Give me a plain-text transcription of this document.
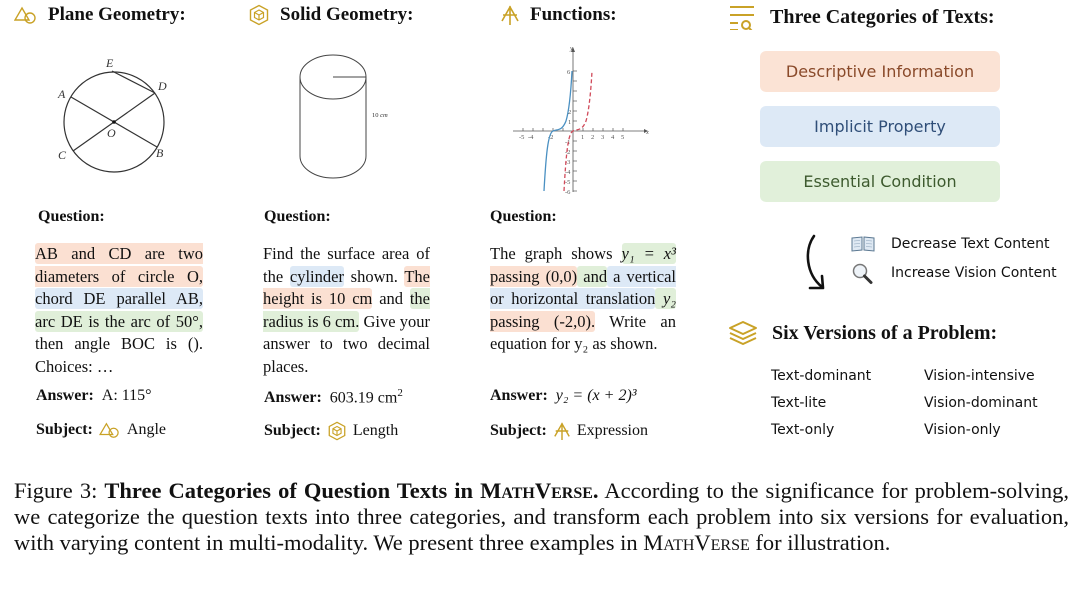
Plane Geometry:
E
D
A
O
C	B
Question:
AB and CD are two diameters of circle O, chord DE parallel AB, arc DE is the arc of 50°, then angle BOC is (). Choices: …
Answer: A: 115°
Subject: Angle
Solid Geometry:
10 cm
Question:
Find the surface area of the cylinder shown. The height is 10 cm and the radius is 6 cm. Give your answer to two decimal places.
Answer: 603.19 $cm^2$
Subject: Length
Functions:
-5 -4 -2	1 2 3 4 5
6
2
1
-1
-2
-3
-4
-5
-6
x
y
Question:
The graph shows y₁ = x³ passing (0,0) and a vertical or horizontal translation y₂ passing (-2,0). Write an equation for y₂ as shown.
Answer: y₂ = (x + 2)³
Subject: Expression
Three Categories of Texts:
Descriptive Information
Implicit Property
Essential Condition
Decrease Text Content
Increase Vision Content
Six Versions of a Problem:
Text-dominant	Vision-intensive
Text-lite	Vision-dominant
Text-only	Vision-only
Figure 3: Three Categories of Question Texts in MathVerse. According to the significance for problem-solving, we categorize the question texts into three categories, and transform each problem into six versions for evaluation, with varying content in multi-modality. We present three examples in MathVerse for illustration.
